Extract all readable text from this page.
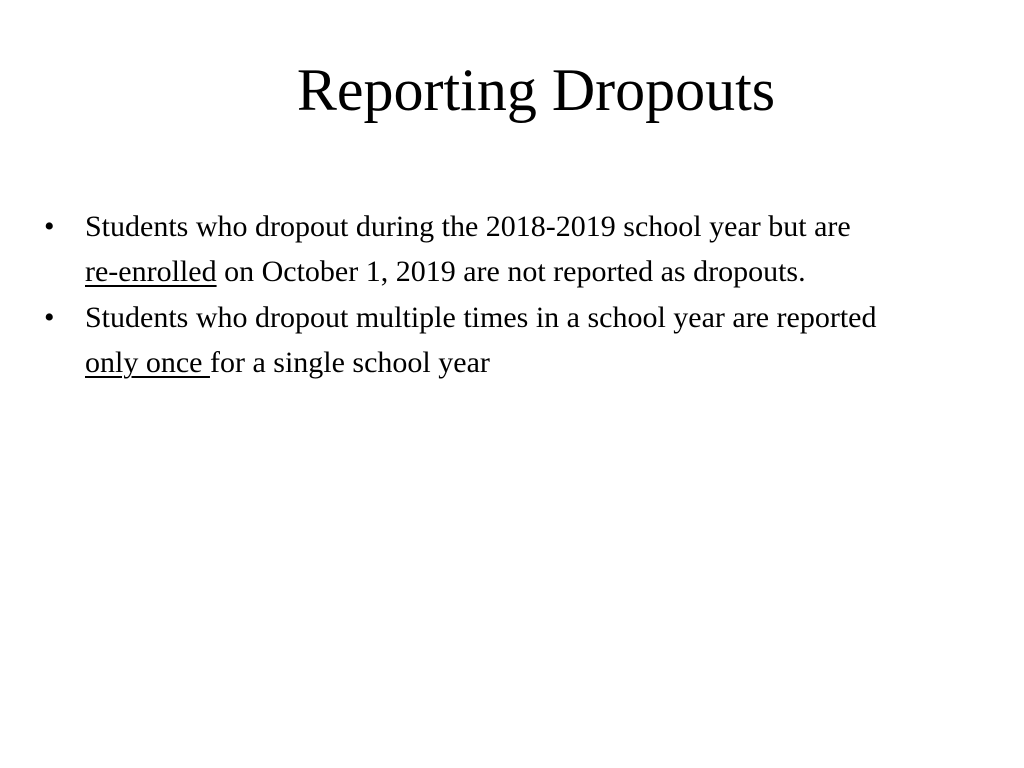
Reporting Dropouts
•	Students who dropout during the 2018-2019 school year but are re-enrolled on October 1, 2019 are not reported as dropouts.
•	Students who dropout multiple times in a school year are reported only once for a single school year
